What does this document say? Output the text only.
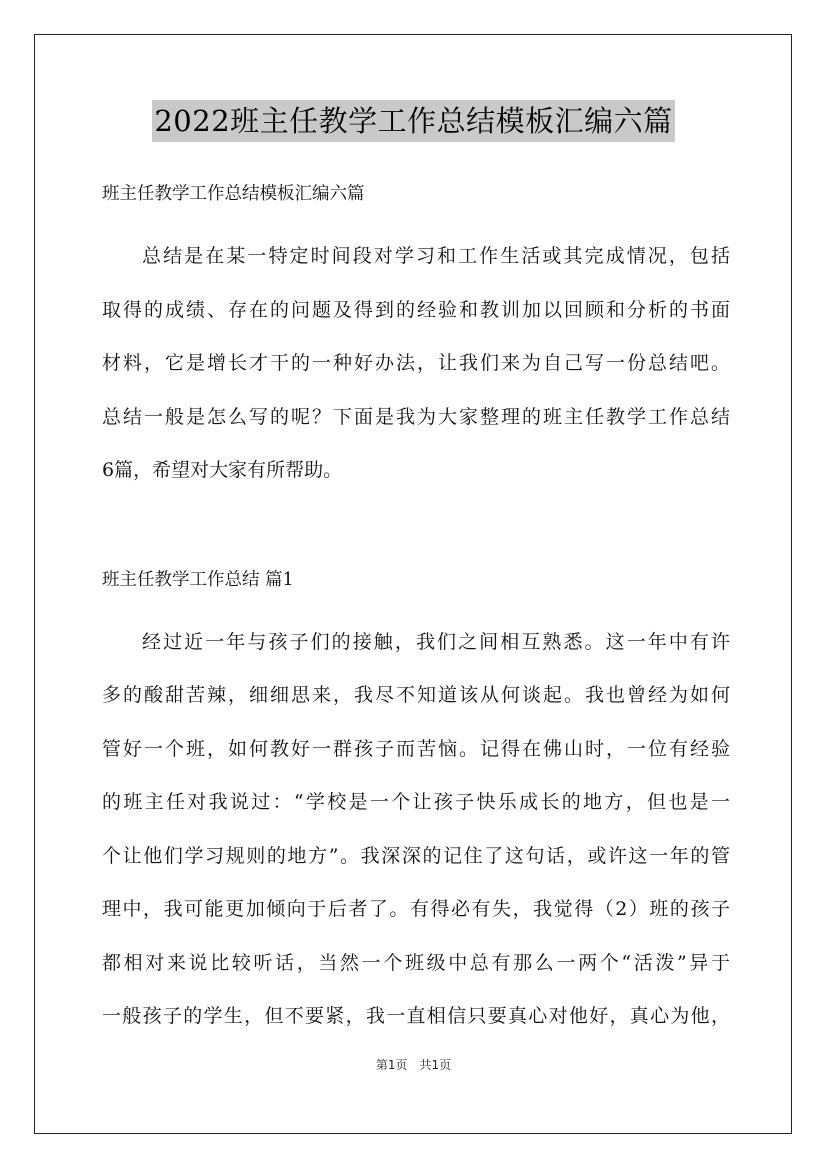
2022班主任教学工作总结模板汇编六篇
班主任教学工作总结模板汇编六篇
总结是在某一特定时间段对学习和工作生活或其完成情况，包括
取得的成绩、存在的问题及得到的经验和教训加以回顾和分析的书面
材料，它是增长才干的一种好办法，让我们来为自己写一份总结吧。
总结一般是怎么写的呢？下面是我为大家整理的班主任教学工作总结
6篇，希望对大家有所帮助。
班主任教学工作总结 篇1
经过近一年与孩子们的接触，我们之间相互熟悉。这一年中有许
多的酸甜苦辣，细细思来，我尽不知道该从何谈起。我也曾经为如何
管好一个班，如何教好一群孩子而苦恼。记得在佛山时，一位有经验
的班主任对我说过：“学校是一个让孩子快乐成长的地方，但也是一
个让他们学习规则的地方”。我深深的记住了这句话，或许这一年的管
理中，我可能更加倾向于后者了。有得必有失，我觉得（2）班的孩子
都相对来说比较听话，当然一个班级中总有那么一两个“活泼”异于
一般孩子的学生，但不要紧，我一直相信只要真心对他好，真心为他，
第1页　共1页
